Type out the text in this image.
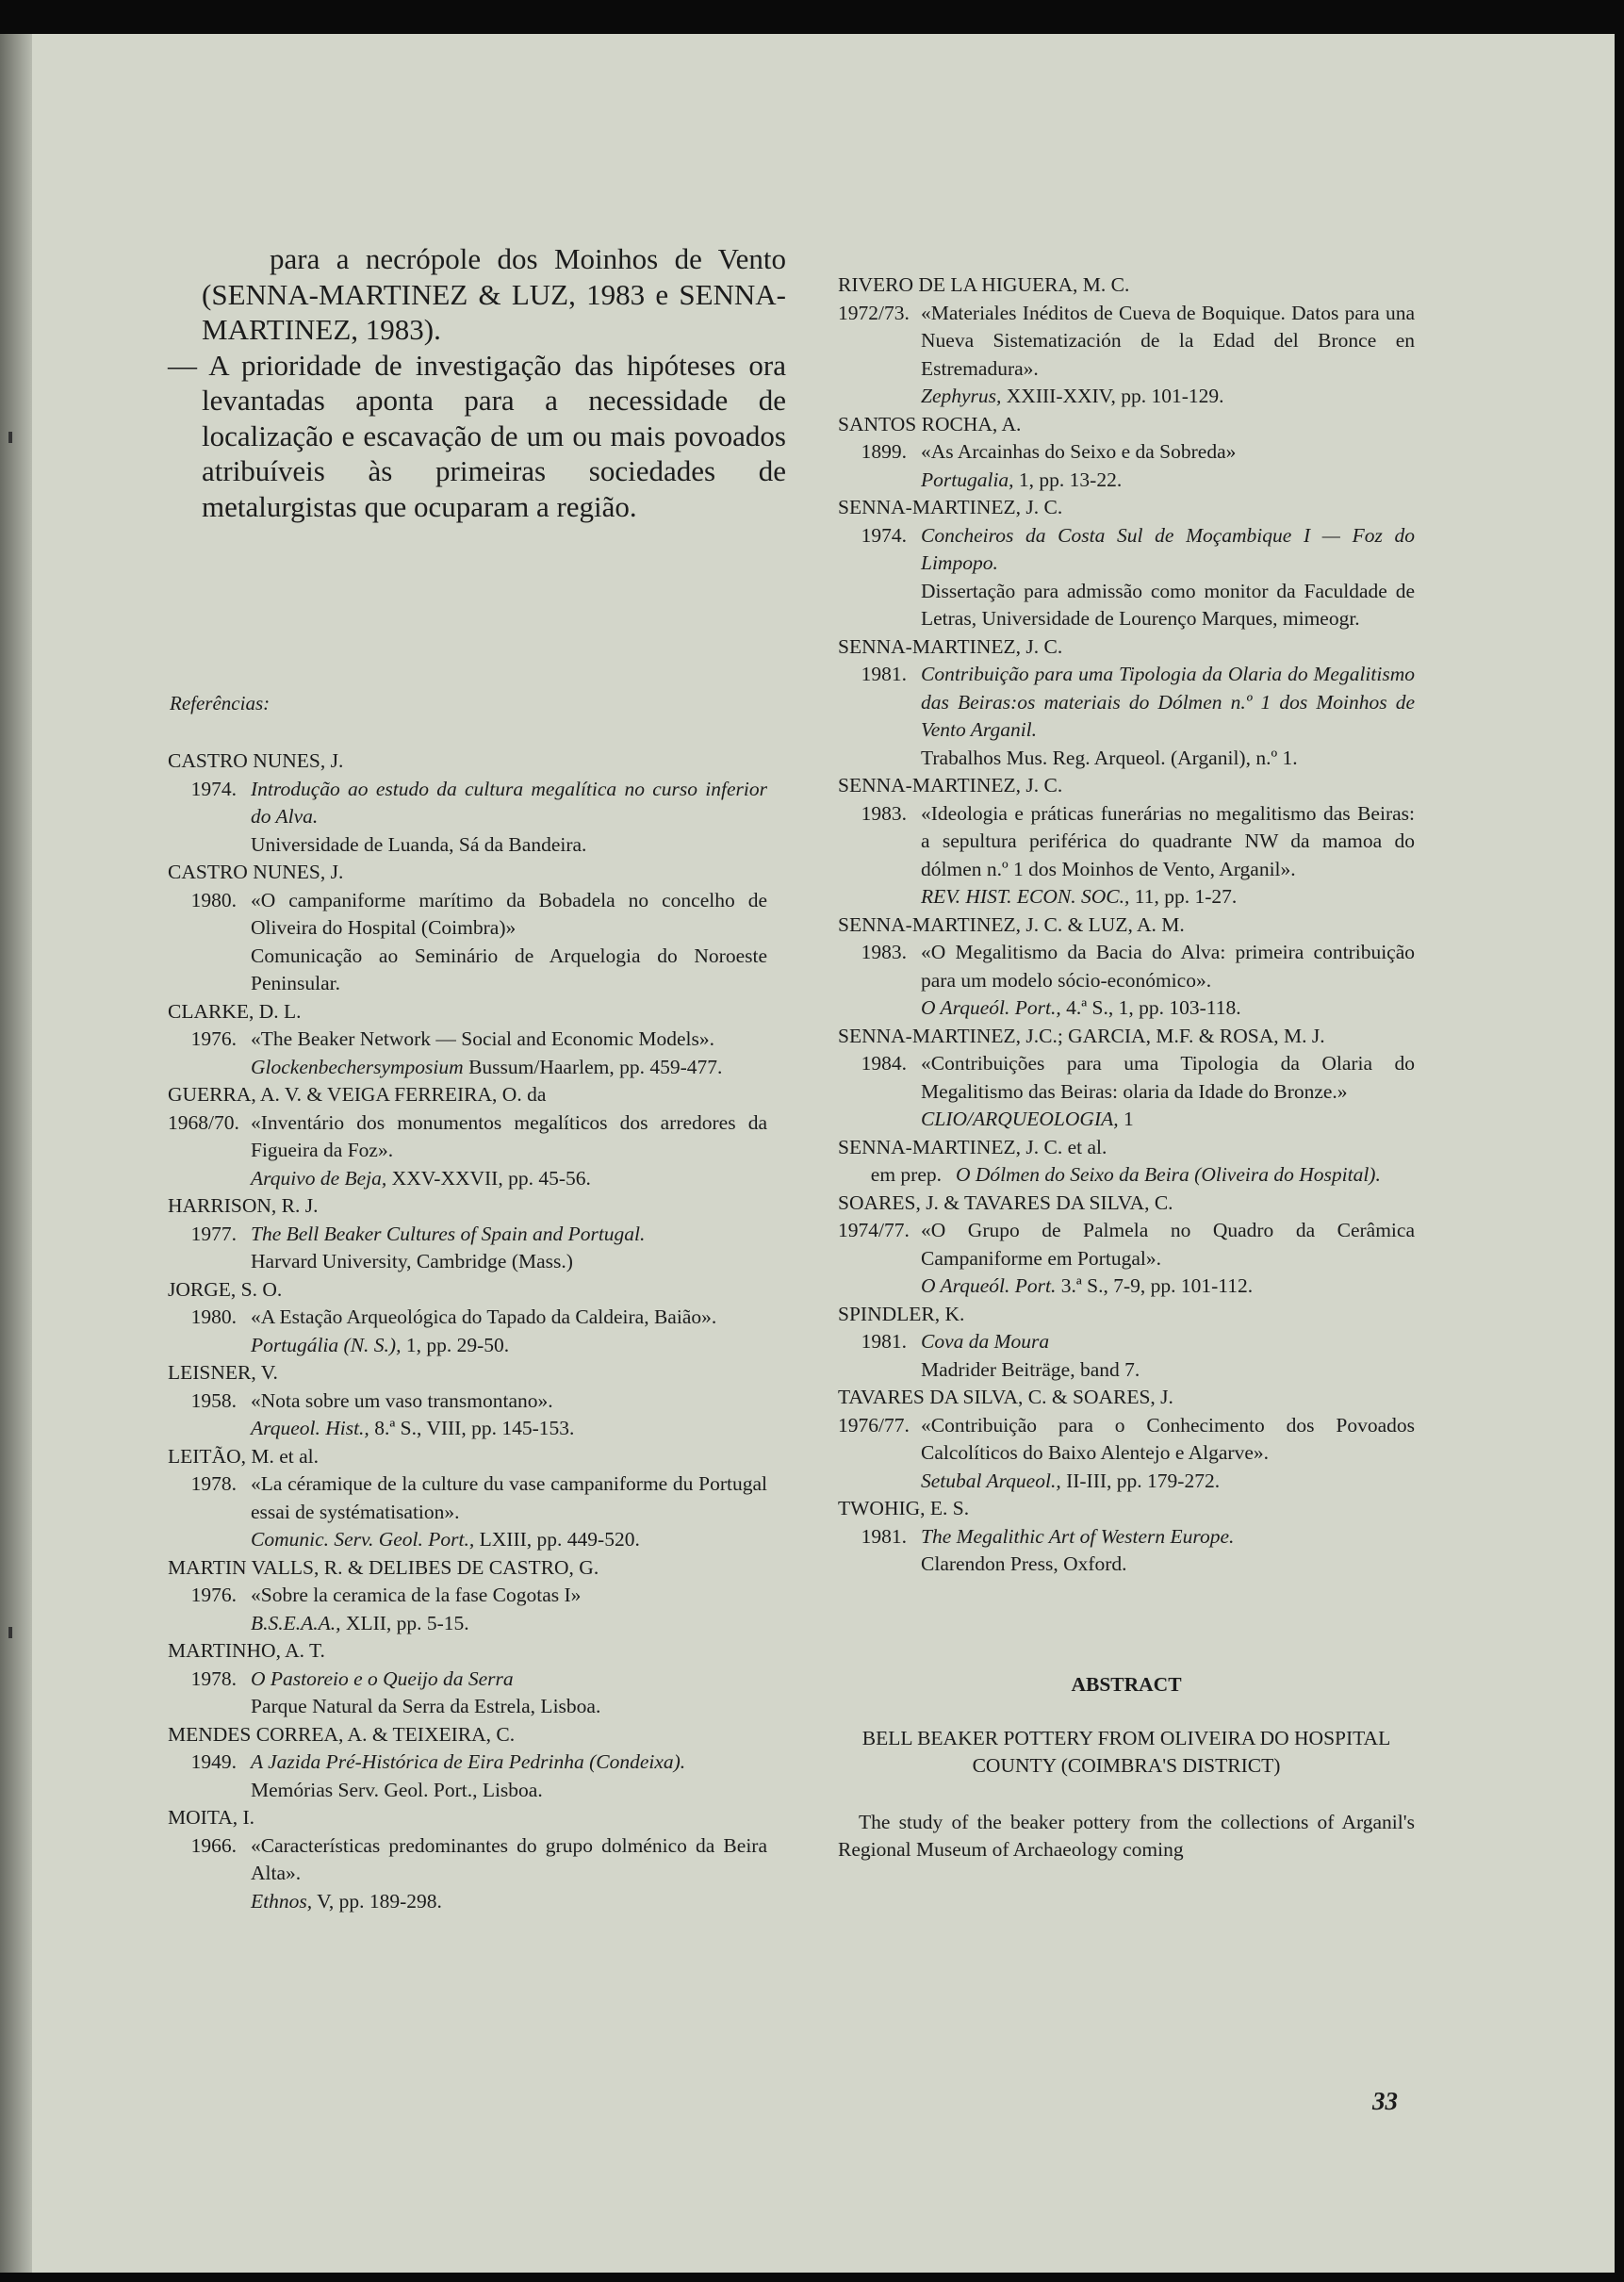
para a necrópole dos Moinhos de Vento (SENNA-MARTINEZ & LUZ, 1983 e SENNA-MARTINEZ, 1983).

— A prioridade de investigação das hipóteses ora levantadas aponta para a necessidade de localização e escavação de um ou mais povoados atribuíveis às primeiras sociedades de metalurgistas que ocuparam a região.

Referências:

CASTRO NUNES, J.
1974. Introdução ao estudo da cultura megalítica no curso inferior do Alva.
Universidade de Luanda, Sá da Bandeira.
CASTRO NUNES, J.
1980. «O campaniforme marítimo da Bobadela no concelho de Oliveira do Hospital (Coimbra)»
Comunicação ao Seminário de Arquelogia do Noroeste Peninsular.
CLARKE, D. L.
1976. «The Beaker Network — Social and Economic Models».
Glockenbechersymposium Bussum/Haarlem, pp. 459-477.
GUERRA, A. V. & VEIGA FERREIRA, O. da
1968/70. «Inventário dos monumentos megalíticos dos arredores da Figueira da Foz».
Arquivo de Beja, XXV-XXVII, pp. 45-56.
HARRISON, R. J.
1977. The Bell Beaker Cultures of Spain and Portugal.
Harvard University, Cambridge (Mass.)
JORGE, S. O.
1980. «A Estação Arqueológica do Tapado da Caldeira, Baião».
Portugália (N. S.), 1, pp. 29-50.
LEISNER, V.
1958. «Nota sobre um vaso transmontano».
Arqueol. Hist., 8.ª S., VIII, pp. 145-153.
LEITÃO, M. et al.
1978. «La céramique de la culture du vase campaniforme du Portugal essai de systématisation».
Comunic. Serv. Geol. Port., LXIII, pp. 449-520.
MARTIN VALLS, R. & DELIBES DE CASTRO, G.
1976. «Sobre la ceramica de la fase Cogotas I»
B.S.E.A.A., XLII, pp. 5-15.
MARTINHO, A. T.
1978. O Pastoreio e o Queijo da Serra
Parque Natural da Serra da Estrela, Lisboa.
MENDES CORREA, A. & TEIXEIRA, C.
1949. A Jazida Pré-Histórica de Eira Pedrinha (Condeixa).
Memórias Serv. Geol. Port., Lisboa.
MOITA, I.
1966. «Características predominantes do grupo dolménico da Beira Alta».
Ethnos, V, pp. 189-298.
RIVERO DE LA HIGUERA, M. C.
1972/73. «Materiales Inéditos de Cueva de Boquique. Datos para una Nueva Sistematización de la Edad del Bronce en Estremadura».
Zephyrus, XXIII-XXIV, pp. 101-129.
SANTOS ROCHA, A.
1899. «As Arcainhas do Seixo e da Sobreda»
Portugalia, 1, pp. 13-22.
SENNA-MARTINEZ, J. C.
1974. Concheiros da Costa Sul de Moçambique I — Foz do Limpopo.
Dissertação para admissão como monitor da Faculdade de Letras, Universidade de Lourenço Marques, mimeogr.
SENNA-MARTINEZ, J. C.
1981. Contribuição para uma Tipologia da Olaria do Megalitismo das Beiras:os materiais do Dólmen n.º 1 dos Moinhos de Vento Arganil.
Trabalhos Mus. Reg. Arqueol. (Arganil), n.º 1.
SENNA-MARTINEZ, J. C.
1983. «Ideologia e práticas funerárias no megalitismo das Beiras: a sepultura periférica do quadrante NW da mamoa do dólmen n.º 1 dos Moinhos de Vento, Arganil».
REV. HIST. ECON. SOC., 11, pp. 1-27.
SENNA-MARTINEZ, J. C. & LUZ, A. M.
1983. «O Megalitismo da Bacia do Alva: primeira contribuição para um modelo sócio-económico».
O Arqueól. Port., 4.ª S., 1, pp. 103-118.
SENNA-MARTINEZ, J.C.; GARCIA, M.F. & ROSA, M. J.
1984. «Contribuições para uma Tipologia da Olaria do Megalitismo das Beiras: olaria da Idade do Bronze.»
CLIO/ARQUEOLOGIA, 1
SENNA-MARTINEZ, J. C. et al.
em prep. O Dólmen do Seixo da Beira (Oliveira do Hospital).
SOARES, J. & TAVARES DA SILVA, C.
1974/77. «O Grupo de Palmela no Quadro da Cerâmica Campaniforme em Portugal».
O Arqueól. Port. 3.ª S., 7-9, pp. 101-112.
SPINDLER, K.
1981. Cova da Moura
Madrider Beiträge, band 7.
TAVARES DA SILVA, C. & SOARES, J.
1976/77. «Contribuição para o Conhecimento dos Povoados Calcolíticos do Baixo Alentejo e Algarve».
Setubal Arqueol., II-III, pp. 179-272.
TWOHIG, E. S.
1981. The Megalithic Art of Western Europe.
Clarendon Press, Oxford.
ABSTRACT
BELL BEAKER POTTERY FROM OLIVEIRA DO HOSPITAL COUNTY (COIMBRA'S DISTRICT)

The study of the beaker pottery from the collections of Arganil's Regional Museum of Archaeology coming

33
